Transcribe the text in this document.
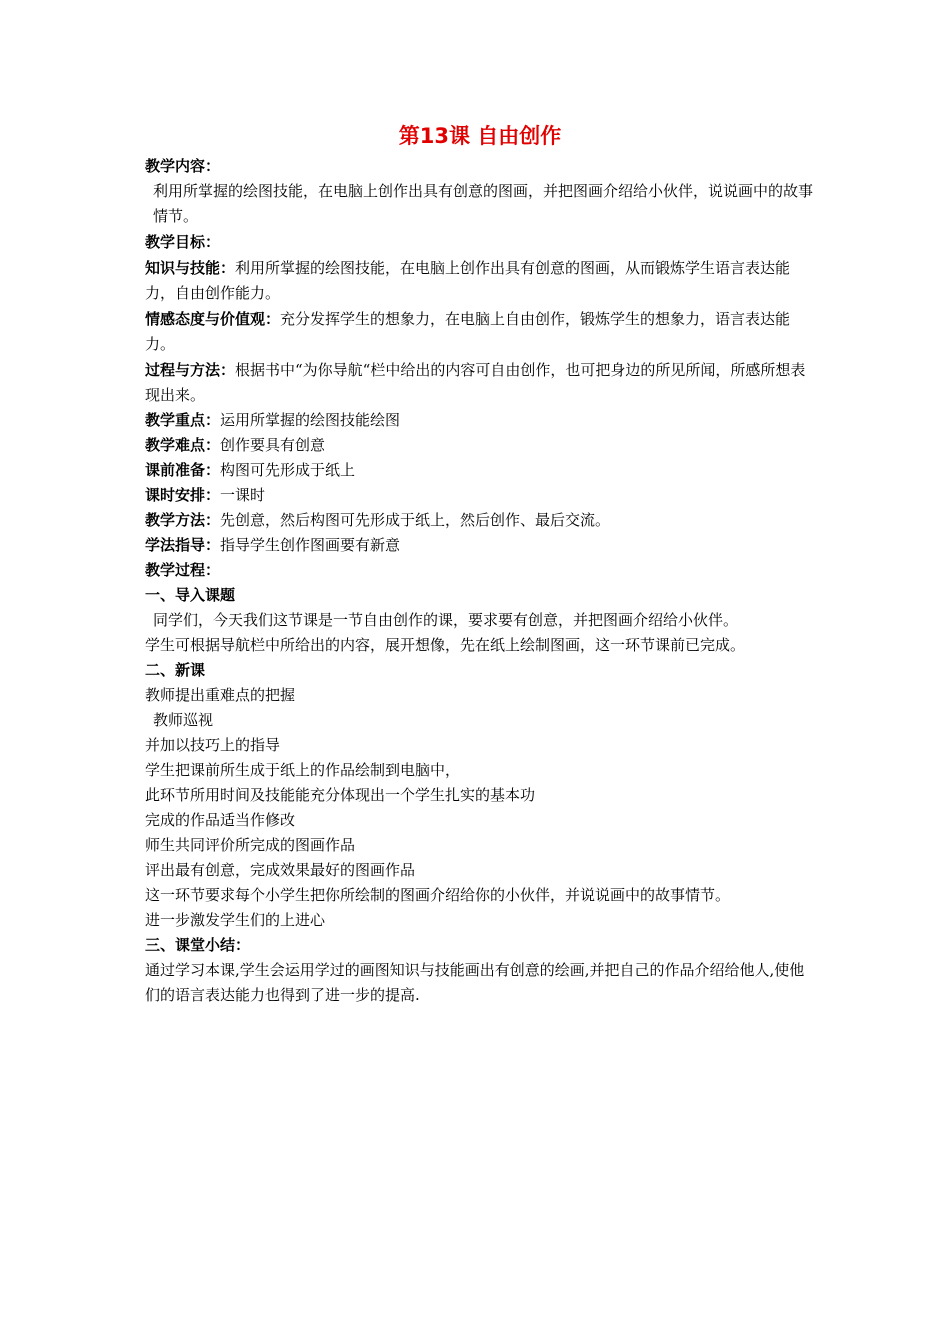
第13课 自由创作

教学内容：

利用所掌握的绘图技能，在电脑上创作出具有创意的图画，并把图画介绍给小伙伴，说说画中的故事情节。

教学目标：

知识与技能：利用所掌握的绘图技能，在电脑上创作出具有创意的图画，从而锻炼学生语言表达能力，自由创作能力。

情感态度与价值观：充分发挥学生的想象力，在电脑上自由创作，锻炼学生的想象力，语言表达能力。

过程与方法：根据书中“为你导航“栏中给出的内容可自由创作，也可把身边的所见所闻，所感所想表现出来。

教学重点：运用所掌握的绘图技能绘图

教学难点：创作要具有创意

课前准备：构图可先形成于纸上

课时安排：一课时

教学方法：先创意，然后构图可先形成于纸上，然后创作、最后交流。

学法指导：指导学生创作图画要有新意

教学过程：

一、导入课题

同学们，今天我们这节课是一节自由创作的课，要求要有创意，并把图画介绍给小伙伴。

学生可根据导航栏中所给出的内容，展开想像，先在纸上绘制图画，这一环节课前已完成。

二、新课

教师提出重难点的把握

教师巡视

并加以技巧上的指导

学生把课前所生成于纸上的作品绘制到电脑中，

此环节所用时间及技能能充分体现出一个学生扎实的基本功

完成的作品适当作修改

师生共同评价所完成的图画作品

评出最有创意，完成效果最好的图画作品

这一环节要求每个小学生把你所绘制的图画介绍给你的小伙伴，并说说画中的故事情节。

进一步激发学生们的上进心

三、课堂小结：

通过学习本课,学生会运用学过的画图知识与技能画出有创意的绘画,并把自己的作品介绍给他人,使他们的语言表达能力也得到了进一步的提高.
